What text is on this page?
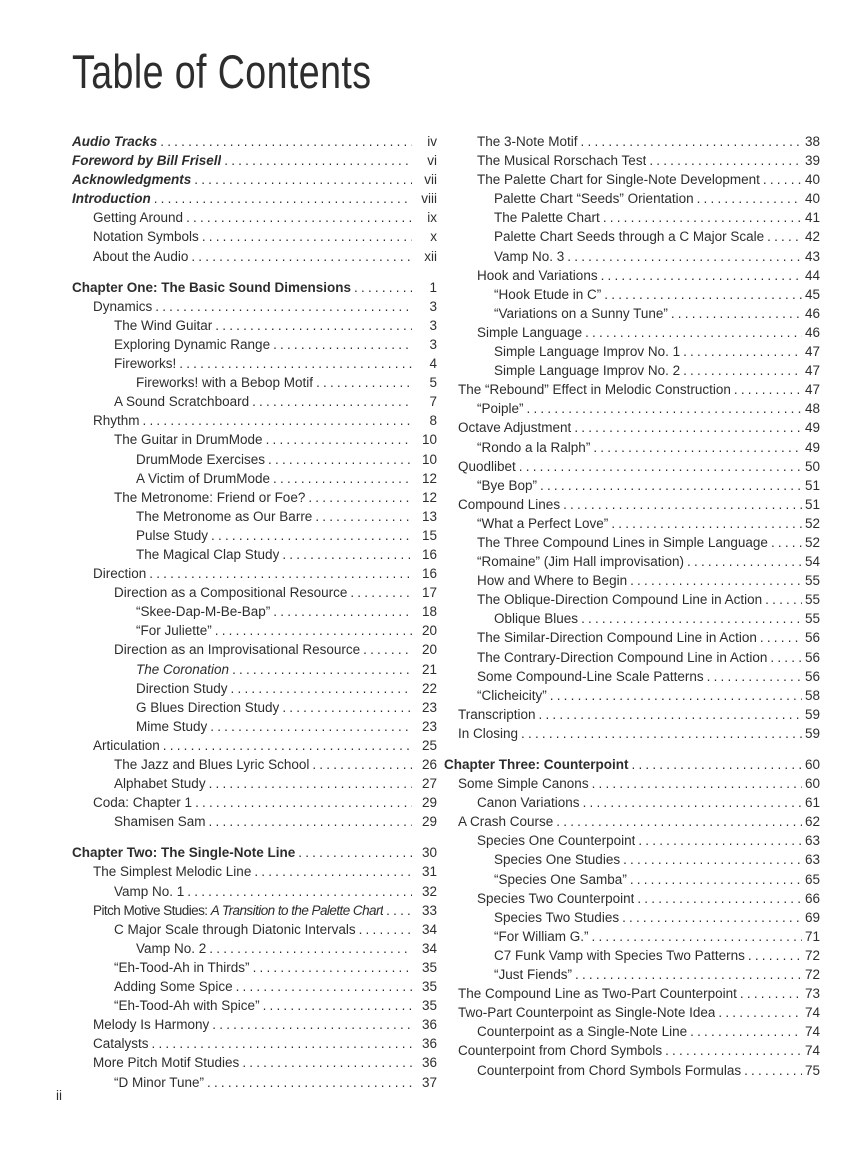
Table of Contents
Audio Tracks .....	iv
Foreword by Bill Frisell .....	vi
Acknowledgments .....	vii
Introduction .....	viii
Getting Around .....	ix
Notation Symbols .....	x
About the Audio .....	xii
Chapter One: The Basic Sound Dimensions .....	1
Dynamics .....	3
The Wind Guitar .....	3
Exploring Dynamic Range .....	3
Fireworks! .....	4
Fireworks! with a Bebop Motif .....	5
A Sound Scratchboard .....	7
Rhythm .....	8
The Guitar in DrumMode .....	10
DrumMode Exercises .....	10
A Victim of DrumMode .....	12
The Metronome: Friend or Foe? .....	12
The Metronome as Our Barre .....	13
Pulse Study .....	15
The Magical Clap Study .....	16
Direction .....	16
Direction as a Compositional Resource .....	17
“Skee-Dap-M-Be-Bap” .....	18
“For Juliette” .....	20
Direction as an Improvisational Resource .....	20
The Coronation .....	21
Direction Study .....	22
G Blues Direction Study .....	23
Mime Study .....	23
Articulation .....	25
The Jazz and Blues Lyric School .....	26
Alphabet Study .....	27
Coda: Chapter 1 .....	29
Shamisen Sam .....	29
Chapter Two: The Single-Note Line .....	30
The Simplest Melodic Line .....	31
Vamp No. 1 .....	32
Pitch Motive Studies: A Transition to the Palette Chart .....	33
C Major Scale through Diatonic Intervals .....	34
Vamp No. 2 .....	34
“Eh-Tood-Ah in Thirds” .....	35
Adding Some Spice .....	35
“Eh-Tood-Ah with Spice” .....	35
Melody Is Harmony .....	36
Catalysts .....	36
More Pitch Motif Studies .....	36
“D Minor Tune” .....	37
The 3-Note Motif .....	38
The Musical Rorschach Test .....	39
The Palette Chart for Single-Note Development .....	40
Palette Chart “Seeds” Orientation .....	40
The Palette Chart .....	41
Palette Chart Seeds through a C Major Scale .....	42
Vamp No. 3 .....	43
Hook and Variations .....	44
“Hook Etude in C” .....	45
“Variations on a Sunny Tune” .....	46
Simple Language .....	46
Simple Language Improv No. 1 .....	47
Simple Language Improv No. 2 .....	47
The “Rebound” Effect in Melodic Construction .....	47
“Poiple” .....	48
Octave Adjustment .....	49
“Rondo a la Ralph” .....	49
Quodlibet .....	50
“Bye Bop” .....	51
Compound Lines .....	51
“What a Perfect Love” .....	52
The Three Compound Lines in Simple Language .....	52
“Romaine” (Jim Hall improvisation) .....	54
How and Where to Begin .....	55
The Oblique-Direction Compound Line in Action .....	55
Oblique Blues .....	55
The Similar-Direction Compound Line in Action .....	56
The Contrary-Direction Compound Line in Action .....	56
Some Compound-Line Scale Patterns .....	56
“Clicheicity” .....	58
Transcription .....	59
In Closing .....	59
Chapter Three: Counterpoint .....	60
Some Simple Canons .....	60
Canon Variations .....	61
A Crash Course .....	62
Species One Counterpoint .....	63
Species One Studies .....	63
“Species One Samba” .....	65
Species Two Counterpoint .....	66
Species Two Studies .....	69
“For William G.” .....	71
C7 Funk Vamp with Species Two Patterns .....	72
“Just Fiends” .....	72
The Compound Line as Two-Part Counterpoint .....	73
Two-Part Counterpoint as Single-Note Idea .....	74
Counterpoint as a Single-Note Line .....	74
Counterpoint from Chord Symbols .....	74
Counterpoint from Chord Symbols Formulas .....	75
ii
